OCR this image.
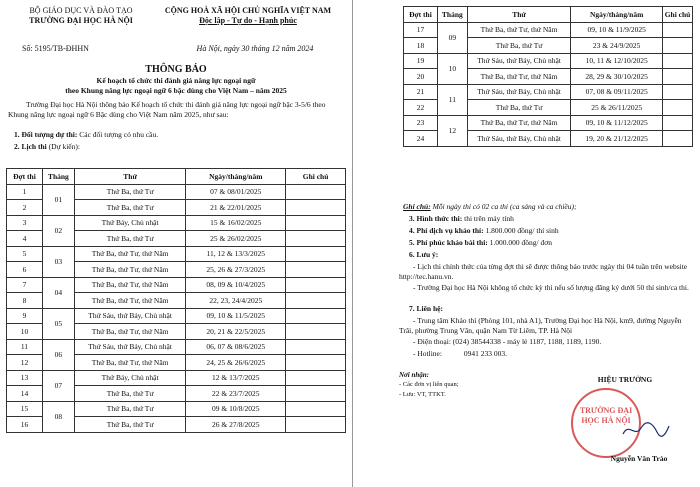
BỘ GIÁO DỤC VÀ ĐÀO TẠO
TRƯỜNG ĐẠI HỌC HÀ NỘI
CỘNG HOÀ XÃ HỘI CHỦ NGHĨA VIỆT NAM
Độc lập - Tự do - Hạnh phúc
Số: 5195/TB-ĐHHN	Hà Nội, ngày 30 tháng 12 năm 2024
THÔNG BÁO
Kế hoạch tổ chức thi đánh giá năng lực ngoại ngữ
theo Khung năng lực ngoại ngữ 6 bậc dùng cho Việt Nam – năm 2025
Trường Đại học Hà Nội thông báo Kế hoạch tổ chức thi đánh giá năng lực ngoại ngữ bậc 3-5/6 theo Khung năng lực ngoại ngữ 6 Bậc dùng cho Việt Nam năm 2025, như sau:
1. Đối tượng dự thi: Các đối tượng có nhu cầu.
2. Lịch thi (Dự kiến):
Đợt thi	Tháng	Thứ	Ngày/tháng/năm	Ghi chú
1	01	Thứ Ba, thứ Tư	07 & 08/01/2025	
2		Thứ Ba, thứ Tư	21 & 22/01/2025	
3	02	Thứ Bảy, Chủ nhật	15 & 16/02/2025	
4		Thứ Ba, thứ Tư	25 & 26/02/2025	
5	03	Thứ Ba, thứ Tư, thứ Năm	11, 12 & 13/3/2025	
6		Thứ Ba, thứ Tư, thứ Năm	25, 26 & 27/3/2025	
7	04	Thứ Ba, thứ Tư, thứ Năm	08, 09 & 10/4/2025	
8		Thứ Ba, thứ Tư, thứ Năm	22, 23, 24/4/2025	
9	05	Thứ Sáu, thứ Bảy, Chủ nhật	09, 10 & 11/5/2025	
10		Thứ Ba, thứ Tư, thứ Năm	20, 21 & 22/5/2025	
11	06	Thứ Sáu, thứ Bảy, Chủ nhật	06, 07 & 08/6/2025	
12		Thứ Ba, thứ Tư, thứ Năm	24, 25 & 26/6/2025	
13	07	Thứ Bảy, Chủ nhật	12 & 13/7/2025	
14		Thứ Ba, thứ Tư	22 & 23/7/2025	
15	08	Thứ Ba, thứ Tư	09 & 10/8/2025	
16		Thứ Ba, thứ Tư	26 & 27/8/2025	
Đợt thi	Tháng	Thứ	Ngày/tháng/năm	Ghi chú
17	09	Thứ Ba, thứ Tư, thứ Năm	09, 10 & 11/9/2025	
18		Thứ Ba, thứ Tư	23 & 24/9/2025	
19	10	Thứ Sáu, thứ Bảy, Chủ nhật	10, 11 & 12/10/2025	
20		Thứ Ba, thứ Tư, thứ Năm	28, 29 & 30/10/2025	
21	11	Thứ Sáu, thứ Bảy, Chủ nhật	07, 08 & 09/11/2025	
22		Thứ Ba, thứ Tư	25 & 26/11/2025	
23	12	Thứ Ba, thứ Tư, thứ Năm	09, 10 & 11/12/2025	
24		Thứ Sáu, thứ Bảy, Chủ nhật	19, 20 & 21/12/2025	
Ghi chú: Mỗi ngày thi có 02 ca thi (ca sáng và ca chiều);
3. Hình thức thi: thi trên máy tính
4. Phí dịch vụ khảo thí: 1.800.000 đồng/ thí sinh
5. Phí phúc khảo bài thi: 1.000.000 đồng/ đơn
6. Lưu ý:
- Lịch thi chính thức của từng đợt thi sẽ được thông báo trước ngày thi 04 tuần trên website http://tec.hanu.vn.
- Trường Đại học Hà Nội không tổ chức kỳ thi nếu số lượng đăng ký dưới 50 thí sinh/ca thi.
7. Liên hệ:
- Trung tâm Khảo thí (Phòng 101, nhà A1), Trường Đại học Hà Nội, km9, đường Nguyễn Trãi, phường Trung Văn, quận Nam Từ Liêm, TP. Hà Nội
- Điện thoại: (024) 38544338 - máy lẻ 1187, 1188, 1189, 1190.
- Hotline:	0941 233 003.
Nơi nhận:
- Các đơn vị liên quan;
- Lưu: VT, TTKT.
HIỆU TRƯỞNG
TRƯỜNG ĐẠI HỌC HÀ NỘI
Nguyễn Văn Trào
